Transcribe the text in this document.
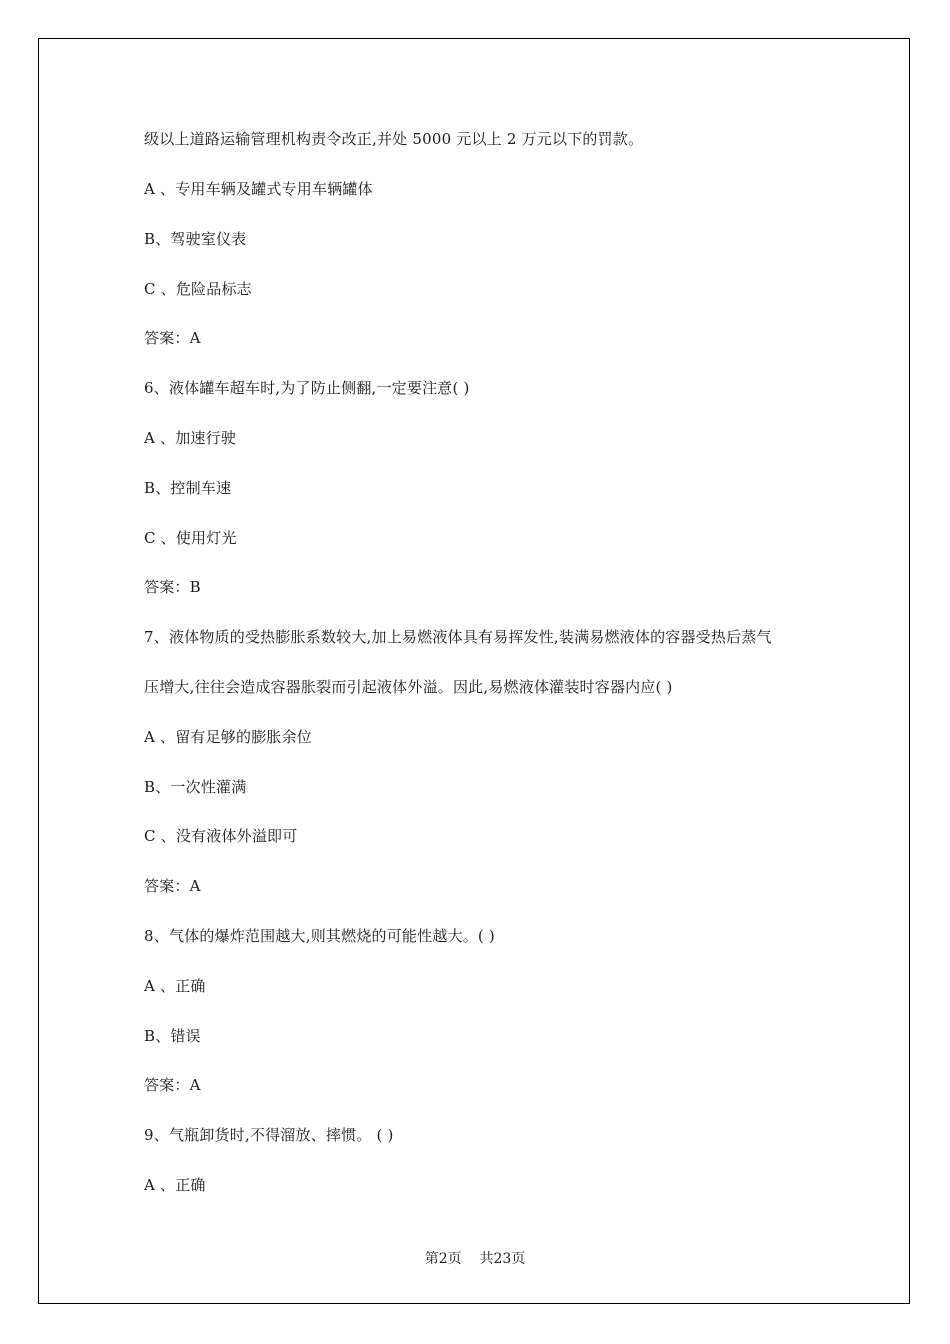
级以上道路运输管理机构责令改正,并处 5000 元以上 2 万元以下的罚款。

A 、专用车辆及罐式专用车辆罐体

B、驾驶室仪表

C 、危险品标志

答案：A

6、液体罐车超车时,为了防止侧翻,一定要注意( )

A 、加速行驶

B、控制车速

C 、使用灯光

答案：B

7、液体物质的受热膨胀系数较大,加上易燃液体具有易挥发性,装满易燃液体的容器受热后蒸气

压增大,往往会造成容器胀裂而引起液体外溢。因此,易燃液体灌装时容器内应( )

A 、留有足够的膨胀余位

B、一次性灌满

C 、没有液体外溢即可

答案：A

8、气体的爆炸范围越大,则其燃烧的可能性越大。( )

A 、正确

B、错误

答案：A

9、气瓶卸货时,不得溜放、摔惯。 ( )

A 、正确

第2页    共23页
